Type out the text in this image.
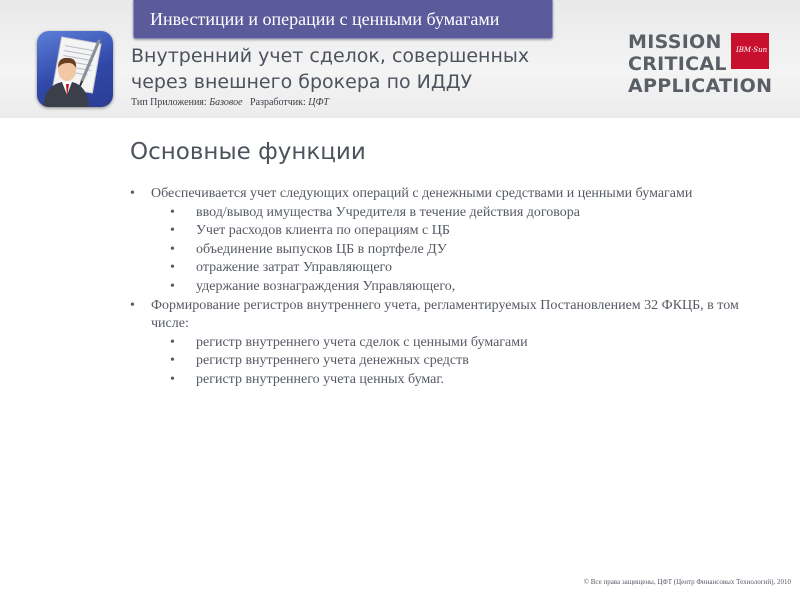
Инвестиции и операции с ценными бумагами
Внутренний учет сделок, совершенных
через внешнего брокера по ИДДУ
Тип Приложения: Базовое Разработчик: ЦФТ
MISSION
CRITICAL
APPLICATION
IBM·Sun
Основные функции
• Обеспечивается учет следующих операций с денежными средствами и ценными бумагами
• ввод/вывод имущества Учредителя в течение действия договора
• Учет расходов клиента по операциям с ЦБ
• объединение выпусков ЦБ в портфеле ДУ
• отражение затрат Управляющего
• удержание вознаграждения Управляющего,
• Формирование регистров внутреннего учета, регламентируемых Постановлением 32 ФКЦБ, в том числе:
• регистр внутреннего учета сделок с ценными бумагами
• регистр внутреннего учета денежных средств
• регистр внутреннего учета ценных бумаг.
© Все права защищены, ЦФТ (Центр Финансовых Технологий), 2010
